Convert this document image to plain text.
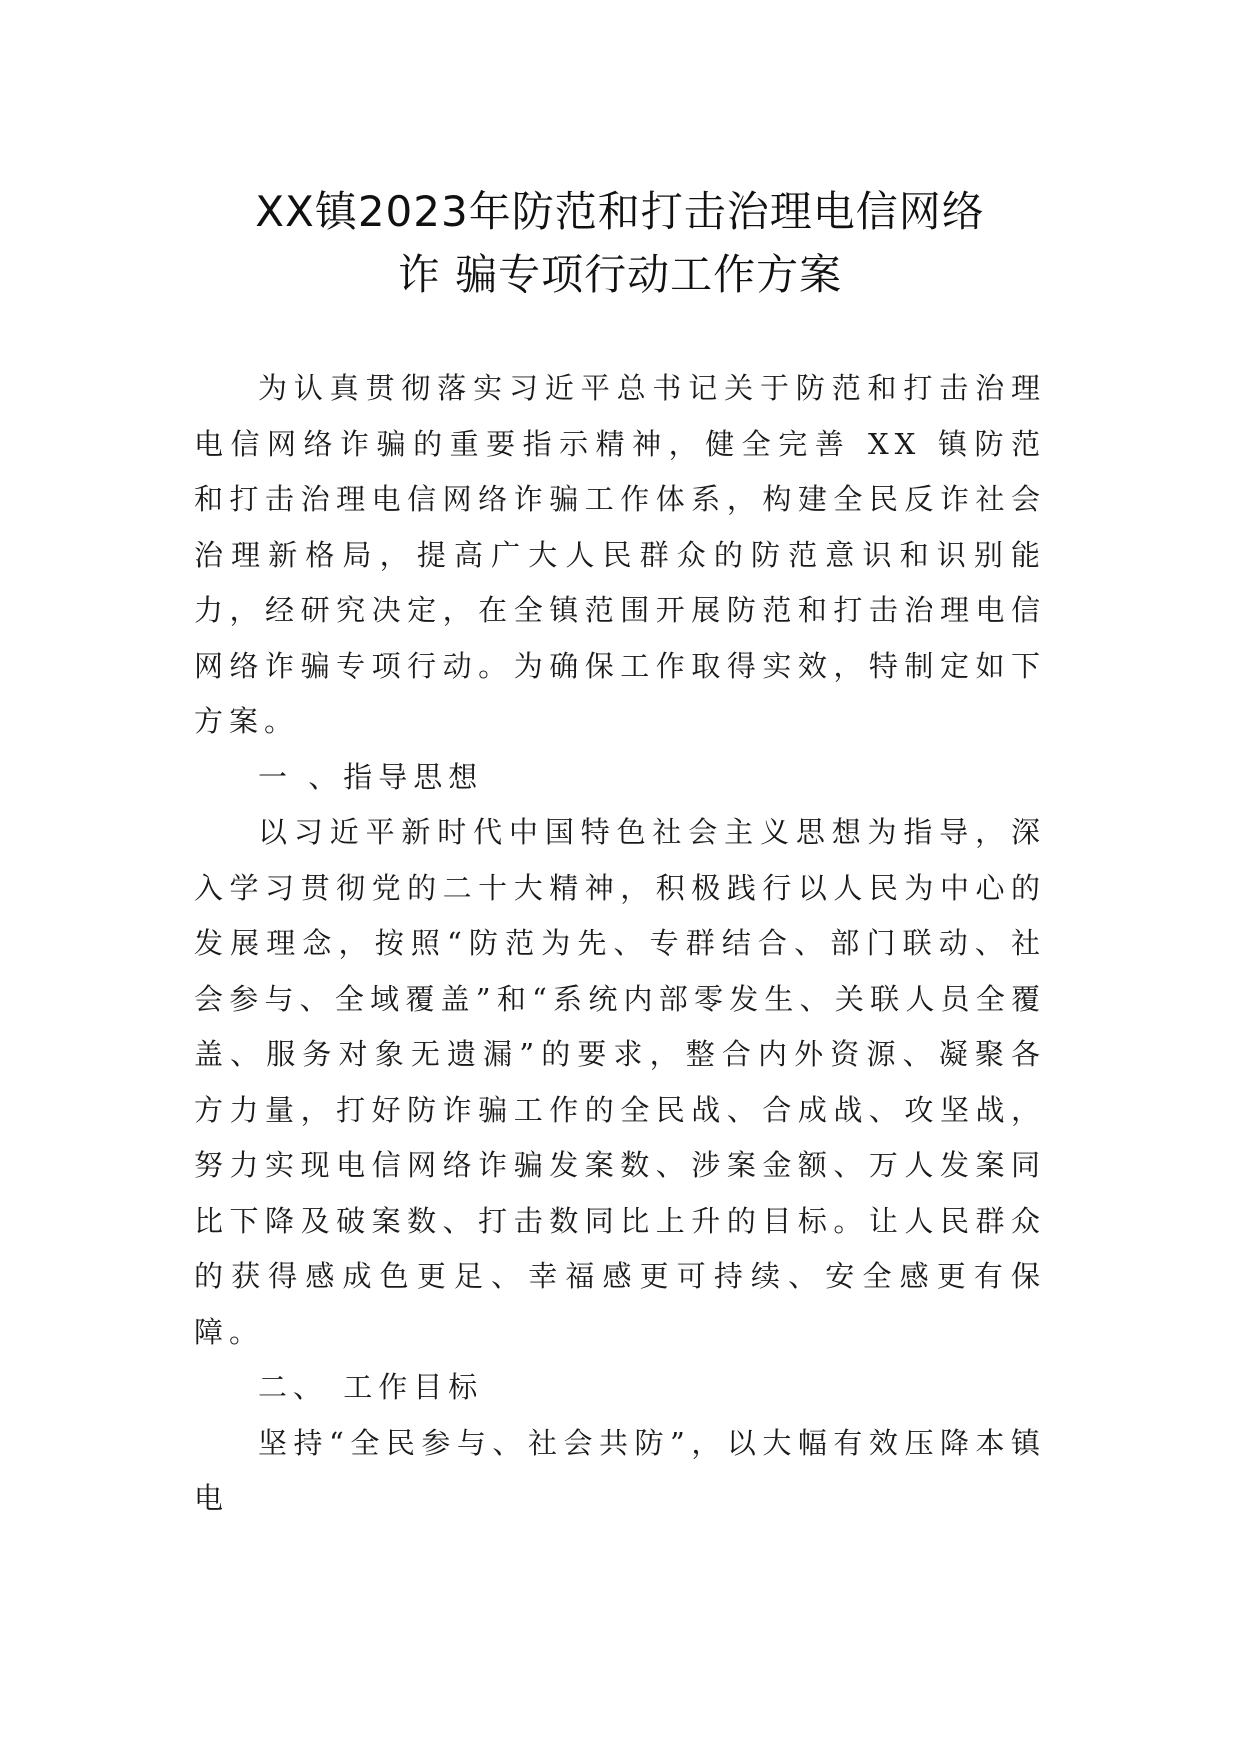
XX镇2023年防范和打击治理电信网络
诈 骗专项行动工作方案

为认真贯彻落实习近平总书记关于防范和打击治理电信网络诈骗的重要指示精神，健全完善 XX 镇防范和打击治理电信网络诈骗工作体系，构建全民反诈社会治理新格局，提高广大人民群众的防范意识和识别能力，经研究决定，在全镇范围开展防范和打击治理电信网络诈骗专项行动。为确保工作取得实效，特制定如下方案。

一 、指导思想

以习近平新时代中国特色社会主义思想为指导，深入学习贯彻党的二十大精神，积极践行以人民为中心的发展理念，按照“防范为先、专群结合、部门联动、社会参与、全域覆盖”和“系统内部零发生、关联人员全覆盖、服务对象无遗漏”的要求，整合内外资源、凝聚各方力量，打好防诈骗工作的全民战、合成战、攻坚战，努力实现电信网络诈骗发案数、涉案金额、万人发案同比下降及破案数、打击数同比上升的目标。让人民群众的获得感成色更足、幸福感更可持续、安全感更有保障。

二、 工作目标

坚持“全民参与、社会共防”，以大幅有效压降本镇电
